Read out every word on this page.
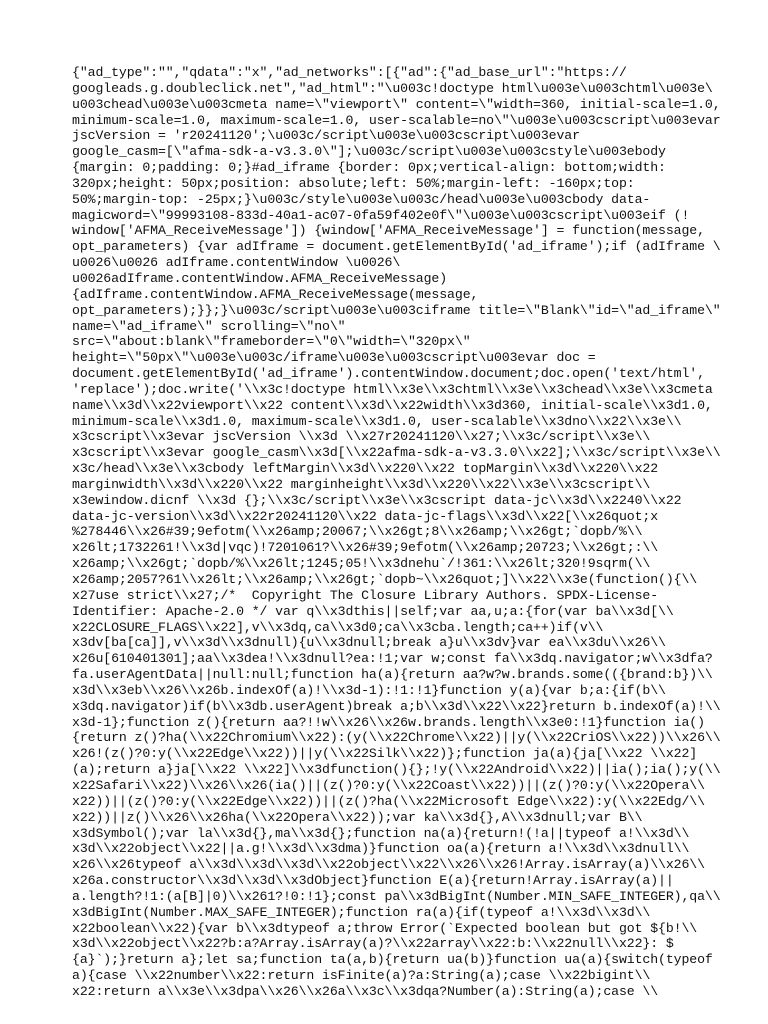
{"ad_type":"","qdata":"x","ad_networks":[{"ad":{"ad_base_url":"https://
googleads.g.doubleclick.net","ad_html":"\u003c!doctype html\u003e\u003chtml\u003e\
u003chead\u003e\u003cmeta name=\"viewport\" content=\"width=360, initial-scale=1.0,
minimum-scale=1.0, maximum-scale=1.0, user-scalable=no\"\u003e\u003cscript\u003evar
jscVersion = 'r20241120';\u003c/script\u003e\u003cscript\u003evar
google_casm=[\"afma-sdk-a-v3.3.0\"];\u003c/script\u003e\u003cstyle\u003ebody
{margin: 0;padding: 0;}#ad_iframe {border: 0px;vertical-align: bottom;width:
320px;height: 50px;position: absolute;left: 50%;margin-left: -160px;top:
50%;margin-top: -25px;}\u003c/style\u003e\u003c/head\u003e\u003cbody data-
magicword=\"99993108-833d-40a1-ac07-0fa59f402e0f\"\u003e\u003cscript\u003eif (!
window['AFMA_ReceiveMessage']) {window['AFMA_ReceiveMessage'] = function(message,
opt_parameters) {var adIframe = document.getElementById('ad_iframe');if (adIframe \
u0026\u0026 adIframe.contentWindow \u0026\
u0026adIframe.contentWindow.AFMA_ReceiveMessage)
{adIframe.contentWindow.AFMA_ReceiveMessage(message,
opt_parameters);}};}\u003c/script\u003e\u003ciframe title=\"Blank\"id=\"ad_iframe\"
name=\"ad_iframe\" scrolling=\"no\"
src=\"about:blank\"frameborder=\"0\"width=\"320px\"
height=\"50px\"\u003e\u003c/iframe\u003e\u003cscript\u003evar doc =
document.getElementById('ad_iframe').contentWindow.document;doc.open('text/html',
'replace');doc.write('\\x3c!doctype html\\x3e\\x3chtml\\x3e\\x3chead\\x3e\\x3cmeta
name\\x3d\\x22viewport\\x22 content\\x3d\\x22width\\x3d360, initial-scale\\x3d1.0,
minimum-scale\\x3d1.0, maximum-scale\\x3d1.0, user-scalable\\x3dno\\x22\\x3e\\
x3cscript\\x3evar jscVersion \\x3d \\x27r20241120\\x27;\\x3c/script\\x3e\\
x3cscript\\x3evar google_casm\\x3d[\\x22afma-sdk-a-v3.3.0\\x22];\\x3c/script\\x3e\\
x3c/head\\x3e\\x3cbody leftMargin\\x3d\\x220\\x22 topMargin\\x3d\\x220\\x22
marginwidth\\x3d\\x220\\x22 marginheight\\x3d\\x220\\x22\\x3e\\x3cscript\\
x3ewindow.dicnf \\x3d {};\\x3c/script\\x3e\\x3cscript data-jc\\x3d\\x2240\\x22
data-jc-version\\x3d\\x22r20241120\\x22 data-jc-flags\\x3d\\x22[\\x26quot;x
%278446\\x26#39;9efotm(\\x26amp;20067;\\x26gt;8\\x26amp;\\x26gt;`dopb/%\\
x26lt;1732261!\\x3d|vqc)!7201061?\\x26#39;9efotm(\\x26amp;20723;\\x26gt;:\\
x26amp;\\x26gt;`dopb/%\\x26lt;1245;05!\\x3dnehu`/!361:\\x26lt;320!9sqrm(\\
x26amp;2057?61\\x26lt;\\x26amp;\\x26gt;`dopb~\\x26quot;]\\x22\\x3e(function(){\\
x27use strict\\x27;/*  Copyright The Closure Library Authors. SPDX-License-
Identifier: Apache-2.0 */ var q\\x3dthis||self;var aa,u;a:{for(var ba\\x3d[\\
x22CLOSURE_FLAGS\\x22],v\\x3dq,ca\\x3d0;ca\\x3cba.length;ca++)if(v\\
x3dv[ba[ca]],v\\x3d\\x3dnull){u\\x3dnull;break a}u\\x3dv}var ea\\x3du\\x26\\
x26u[610401301];aa\\x3dea!\\x3dnull?ea:!1;var w;const fa\\x3dq.navigator;w\\x3dfa?
fa.userAgentData||null:null;function ha(a){return aa?w?w.brands.some(({brand:b})\\
x3d\\x3eb\\x26\\x26b.indexOf(a)!\\x3d-1):!1:!1}function y(a){var b;a:{if(b\\
x3dq.navigator)if(b\\x3db.userAgent)break a;b\\x3d\\x22\\x22}return b.indexOf(a)!\\
x3d-1};function z(){return aa?!!w\\x26\\x26w.brands.length\\x3e0:!1}function ia()
{return z()?ha(\\x22Chromium\\x22):(y(\\x22Chrome\\x22)||y(\\x22CriOS\\x22))\\x26\\
x26!(z()?0:y(\\x22Edge\\x22))||y(\\x22Silk\\x22)};function ja(a){ja[\\x22 \\x22]
(a);return a}ja[\\x22 \\x22]\\x3dfunction(){};!y(\\x22Android\\x22)||ia();ia();y(\\
x22Safari\\x22)\\x26\\x26(ia()||(z()?0:y(\\x22Coast\\x22))||(z()?0:y(\\x22Opera\\
x22))||(z()?0:y(\\x22Edge\\x22))||(z()?ha(\\x22Microsoft Edge\\x22):y(\\x22Edg/\\
x22))||z()\\x26\\x26ha(\\x22Opera\\x22));var ka\\x3d{},A\\x3dnull;var B\\
x3dSymbol();var la\\x3d{},ma\\x3d{};function na(a){return!(!a||typeof a!\\x3d\\
x3d\\x22object\\x22||a.g!\\x3d\\x3dma)}function oa(a){return a!\\x3d\\x3dnull\\
x26\\x26typeof a\\x3d\\x3d\\x3d\\x22object\\x22\\x26\\x26!Array.isArray(a)\\x26\\
x26a.constructor\\x3d\\x3d\\x3dObject}function E(a){return!Array.isArray(a)||
a.length?!1:(a[B]|0)\\x261?!0:!1};const pa\\x3dBigInt(Number.MIN_SAFE_INTEGER),qa\\
x3dBigInt(Number.MAX_SAFE_INTEGER);function ra(a){if(typeof a!\\x3d\\x3d\\
x22boolean\\x22){var b\\x3dtypeof a;throw Error(`Expected boolean but got ${b!\\
x3d\\x22object\\x22?b:a?Array.isArray(a)?\\x22array\\x22:b:\\x22null\\x22}: $
{a}`);}return a};let sa;function ta(a,b){return ua(b)}function ua(a){switch(typeof
a){case \\x22number\\x22:return isFinite(a)?a:String(a);case \\x22bigint\\
x22:return a\\x3e\\x3dpa\\x26\\x26a\\x3c\\x3dqa?Number(a):String(a);case \\
